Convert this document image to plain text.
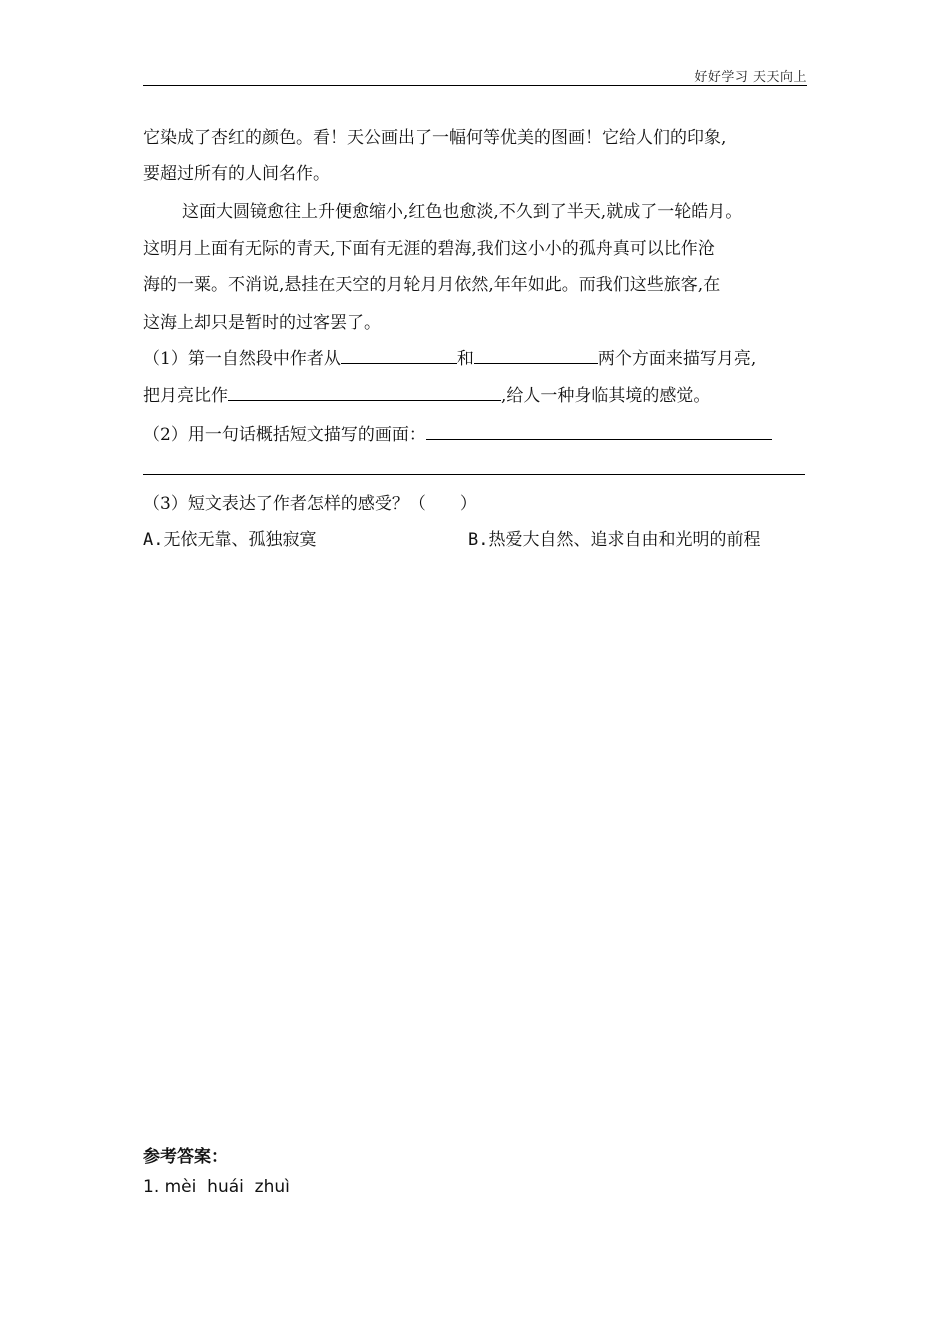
好好学习 天天向上
它染成了杏红的颜色。看！天公画出了一幅何等优美的图画！它给人们的印象,
要超过所有的人间名作。
这面大圆镜愈往上升便愈缩小,红色也愈淡,不久到了半天,就成了一轮皓月。
这明月上面有无际的青天,下面有无涯的碧海,我们这小小的孤舟真可以比作沧
海的一粟。不消说,悬挂在天空的月轮月月依然,年年如此。而我们这些旅客,在
这海上却只是暂时的过客罢了。
（1）第一自然段中作者从	和	两个方面来描写月亮,
把月亮比作	,给人一种身临其境的感觉。
（2）用一句话概括短文描写的画面：
（3）短文表达了作者怎样的感受？（　　）
A.无依无靠、孤独寂寞	B.热爱大自然、追求自由和光明的前程
参考答案：
1. mèi  huái  zhuì
